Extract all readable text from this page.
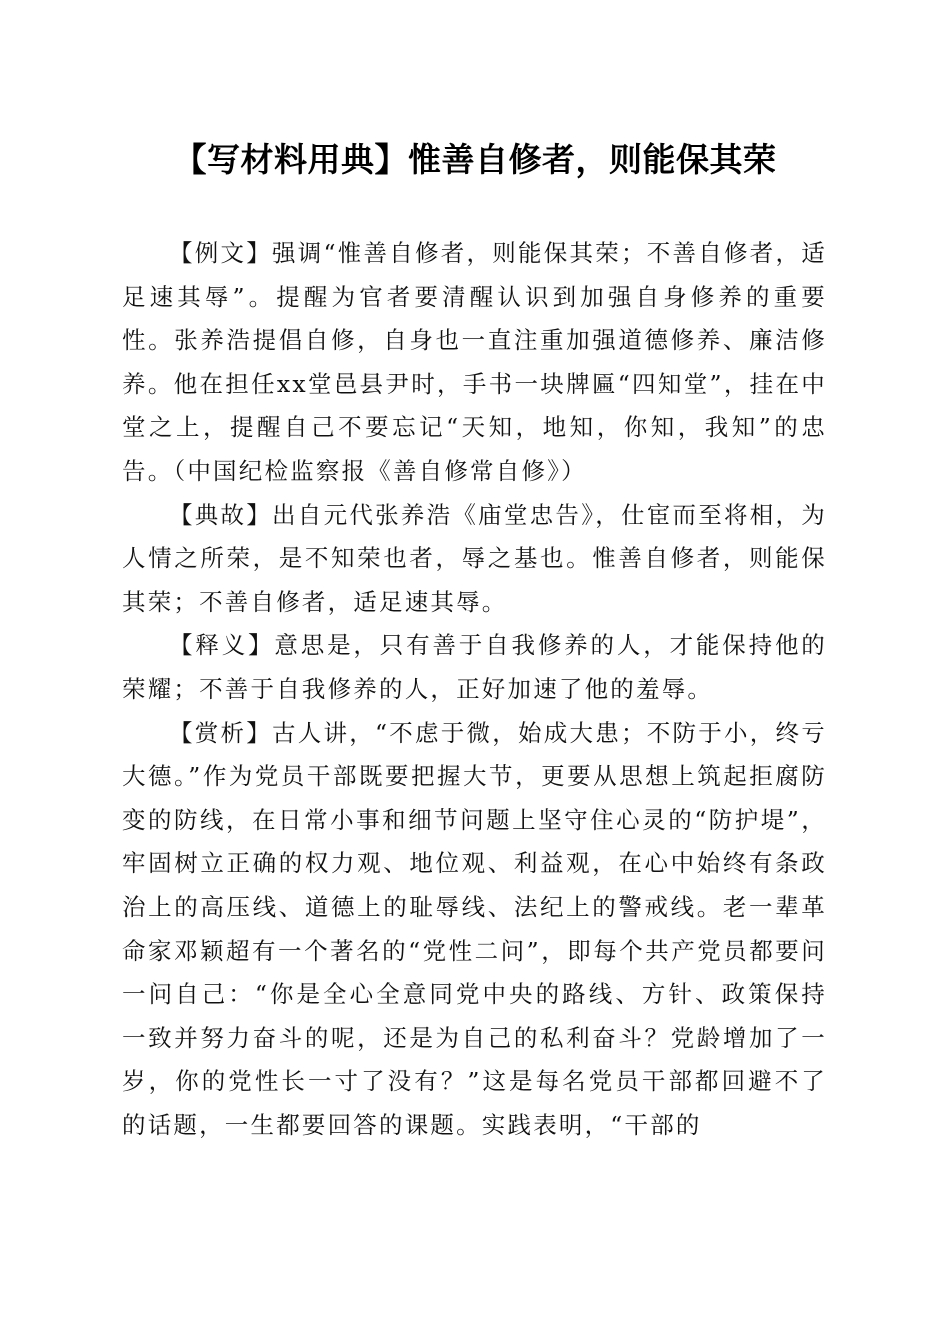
【写材料用典】惟善自修者，则能保其荣

【例文】强调“惟善自修者，则能保其荣；不善自修者，适足速其辱”。提醒为官者要清醒认识到加强自身修养的重要性。张养浩提倡自修，自身也一直注重加强道德修养、廉洁修养。他在担任xx堂邑县尹时，手书一块牌匾“四知堂”，挂在中堂之上，提醒自己不要忘记“天知，地知，你知，我知”的忠告。（中国纪检监察报《善自修常自修》）

【典故】出自元代张养浩《庙堂忠告》，仕宦而至将相，为人情之所荣，是不知荣也者，辱之基也。惟善自修者，则能保其荣；不善自修者，适足速其辱。

【释义】意思是，只有善于自我修养的人，才能保持他的荣耀；不善于自我修养的人，正好加速了他的羞辱。

【赏析】古人讲，“不虑于微，始成大患；不防于小，终亏大德。”作为党员干部既要把握大节，更要从思想上筑起拒腐防变的防线，在日常小事和细节问题上坚守住心灵的“防护堤”，牢固树立正确的权力观、地位观、利益观，在心中始终有条政治上的高压线、道德上的耻辱线、法纪上的警戒线。老一辈革命家邓颖超有一个著名的“党性二问”，即每个共产党员都要问一问自己：“你是全心全意同党中央的路线、方针、政策保持一致并努力奋斗的呢，还是为自己的私利奋斗？党龄增加了一岁，你的党性长一寸了没有？”这是每名党员干部都回避不了的话题，一生都要回答的课题。实践表明，“干部的
